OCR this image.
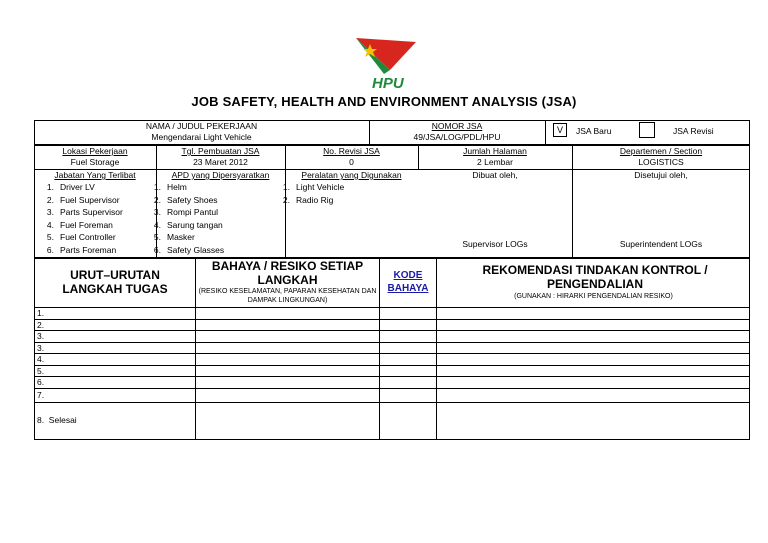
HPU
JOB SAFETY, HEALTH AND ENVIRONMENT ANALYSIS (JSA)
NAMA / JUDUL PEKERJAAN
Mengendarai Light Vehicle
NOMOR JSA
49/JSA/LOG/PDL/HPU
V	JSA Baru	JSA Revisi
Lokasi Pekerjaan
Fuel Storage
Tgl. Pembuatan JSA
23 Maret 2012
No. Revisi JSA
0
Jumlah Halaman
2 Lembar
Departemen / Section
LOGISTICS
Jabatan Yang Terlibat
1. Driver LV
2. Fuel Supervisor
3. Parts Supervisor
4. Fuel Foreman
5. Fuel Controller
6. Parts Foreman
APD yang Dipersyaratkan
1. Helm
2. Safety Shoes
3. Rompi Pantul
4. Sarung tangan
5. Masker
6. Safety Glasses
Peralatan yang Digunakan
1. Light Vehicle
2. Radio Rig
Dibuat oleh,
Supervisor LOGs
Disetujui oleh,
Superintendent LOGs
URUT–URUTAN LANGKAH TUGAS
BAHAYA / RESIKO SETIAP LANGKAH
(RESIKO KESELAMATAN, PAPARAN KESEHATAN DAN DAMPAK LINGKUNGAN)
KODE BAHAYA
REKOMENDASI TINDAKAN KONTROL / PENGENDALIAN
(GUNAKAN : HIRARKI PENGENDALIAN RESIKO)
1.
2.
3.
3.
4.
5.
6.
7.
8.  Selesai
